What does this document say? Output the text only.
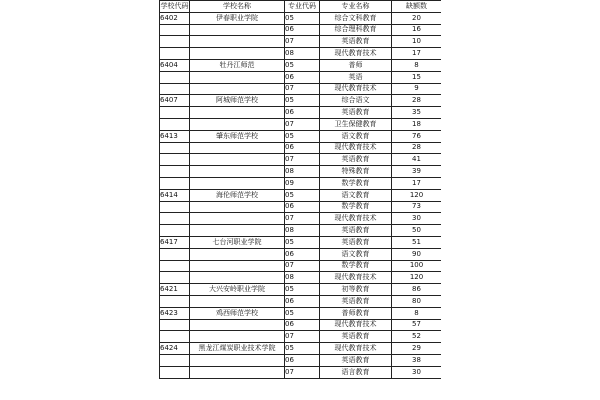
学校代码	学校名称	专业代码	专业名称	缺额数
6402	伊春职业学院	05	综合文科教育	20
		06	综合理科教育	16
		07	英语教育	10
		08	现代教育技术	17
6404	牡丹江师范	05	普师	8
		06	英语	15
		07	现代教育技术	9
6407	阿城师范学校	05	综合语文	28
		06	英语教育	35
		07	卫生保健教育	18
6413	肇东师范学校	05	语文教育	76
		06	现代教育技术	28
		07	英语教育	41
		08	特殊教育	39
		09	数学教育	17
6414	海伦师范学校	05	语文教育	120
		06	数学教育	73
		07	现代教育技术	30
		08	英语教育	50
6417	七台河职业学院	05	英语教育	51
		06	语文教育	90
		07	数学教育	100
		08	现代教育技术	120
6421	大兴安岭职业学院	05	初等教育	86
		06	英语教育	80
6423	鸡西师范学校	05	普师教育	8
		06	现代教育技术	57
		07	英语教育	52
6424	黑龙江煤炭职业技术学院	05	现代教育技术	29
		06	英语教育	38
		07	语言教育	30
